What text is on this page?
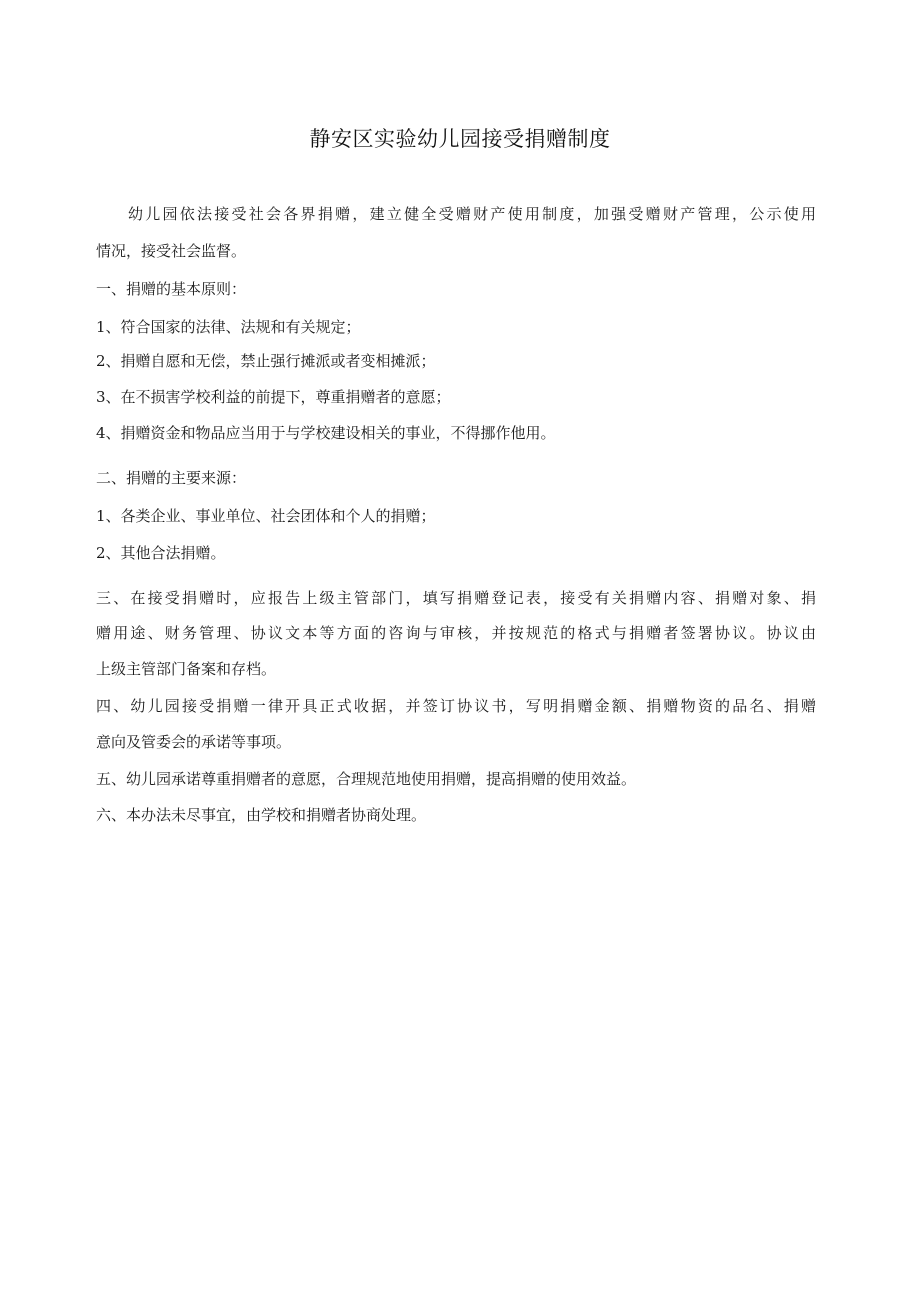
静安区实验幼儿园接受捐赠制度
幼儿园依法接受社会各界捐赠，建立健全受赠财产使用制度，加强受赠财产管理，公示使用
情况，接受社会监督。
一、捐赠的基本原则：
1、符合国家的法律、法规和有关规定；
2、捐赠自愿和无偿，禁止强行摊派或者变相摊派；
3、在不损害学校利益的前提下，尊重捐赠者的意愿；
4、捐赠资金和物品应当用于与学校建设相关的事业，不得挪作他用。
二、捐赠的主要来源：
1、各类企业、事业单位、社会团体和个人的捐赠；
2、其他合法捐赠。
三、在接受捐赠时，应报告上级主管部门，填写捐赠登记表，接受有关捐赠内容、捐赠对象、捐
赠用途、财务管理、协议文本等方面的咨询与审核，并按规范的格式与捐赠者签署协议。协议由
上级主管部门备案和存档。
四、幼儿园接受捐赠一律开具正式收据，并签订协议书，写明捐赠金额、捐赠物资的品名、捐赠
意向及管委会的承诺等事项。
五、幼儿园承诺尊重捐赠者的意愿，合理规范地使用捐赠，提高捐赠的使用效益。
六、本办法未尽事宜，由学校和捐赠者协商处理。
